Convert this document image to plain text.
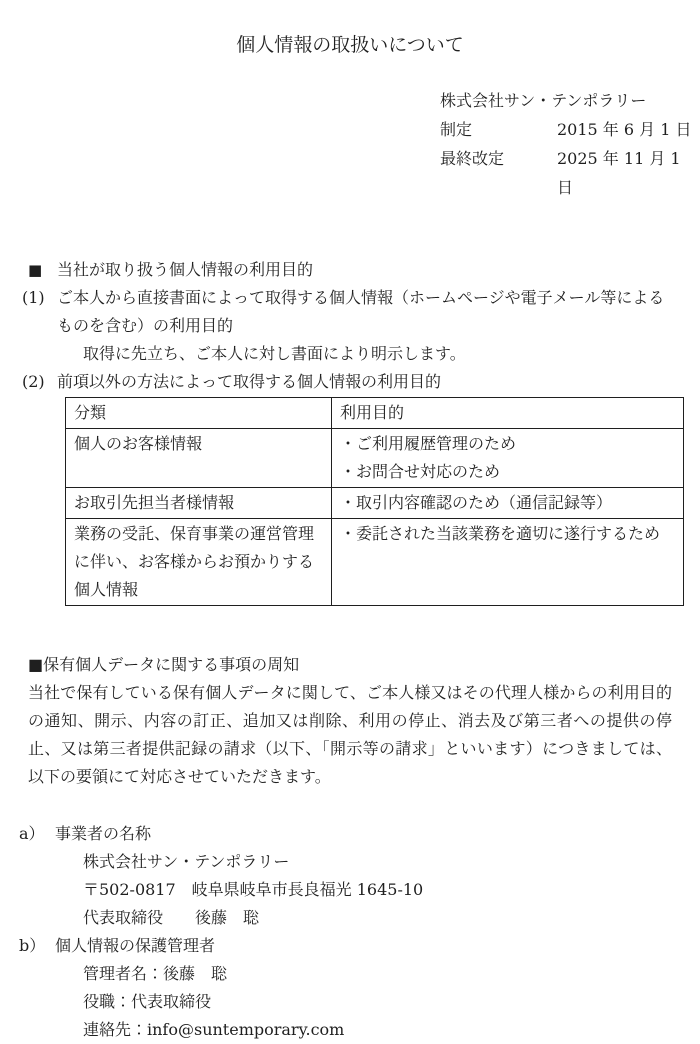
個人情報の取扱いについて
株式会社サン・テンポラリー
制定	2015 年 6 月 1 日
最終改定	2025 年 11 月 1 日
■ 当社が取り扱う個人情報の利用目的
(1) ご本人から直接書面によって取得する個人情報（ホームページや電子メール等によるものを含む）の利用目的
取得に先立ち、ご本人に対し書面により明示します。
(2) 前項以外の方法によって取得する個人情報の利用目的
分類	利用目的
個人のお客様情報	・ご利用履歴管理のため
・お問合せ対応のため

お取引先担当者様情報	・取引内容確認のため（通信記録等）

業務の受託、保育事業の運営管理に伴い、お客様からお預かりする個人情報	・委託された当該業務を適切に遂行するため
■保有個人データに関する事項の周知
当社で保有している保有個人データに関して、ご本人様又はその代理人様からの利用目的の通知、開示、内容の訂正、追加又は削除、利用の停止、消去及び第三者への提供の停止、又は第三者提供記録の請求（以下、「開示等の請求」といいます）につきましては、以下の要領にて対応させていただきます。
a） 事業者の名称
株式会社サン・テンポラリー
〒502-0817　岐阜県岐阜市長良福光 1645-10
代表取締役　　後藤　聡
b） 個人情報の保護管理者
管理者名：後藤　聡
役職：代表取締役
連絡先：info@suntemporary.com
